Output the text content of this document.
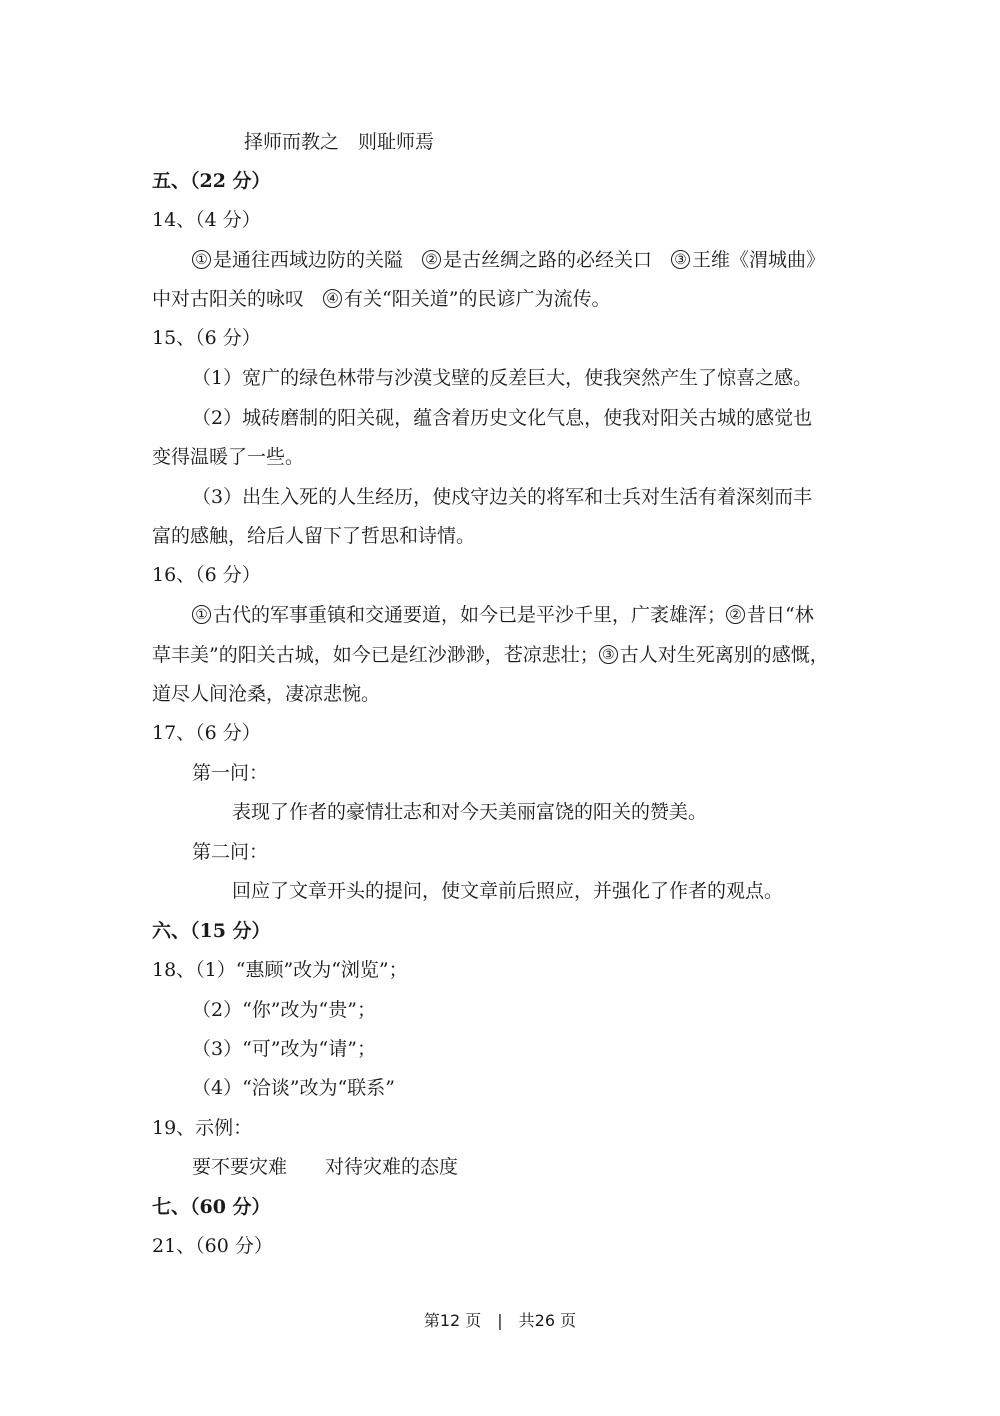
择师而教之　则耻师焉
五、（22 分）
14、（4 分）
① 是通往西域边防的关隘　② 是古丝绸之路的必经关口　③ 王维《渭城曲》
中对古阳关的咏叹　④ 有关“阳关道”的民谚广为流传。
15、（6 分）
（1）宽广的绿色林带与沙漠戈壁的反差巨大，使我突然产生了惊喜之感。
（2）城砖磨制的阳关砚，蕴含着历史文化气息，使我对阳关古城的感觉也
变得温暖了一些。
（3）出生入死的人生经历，使戍守边关的将军和士兵对生活有着深刻而丰
富的感触，给后人留下了哲思和诗情。
16、（6 分）
① 古代的军事重镇和交通要道，如今已是平沙千里，广袤雄浑； ② 昔日“林
草丰美”的阳关古城，如今已是红沙渺渺，苍凉悲壮； ③ 古人对生死离别的感慨，
道尽人间沧桑，凄凉悲惋。
17、（6 分）
第一问：
表现了作者的豪情壮志和对今天美丽富饶的阳关的赞美。
第二问：
回应了文章开头的提问，使文章前后照应，并强化了作者的观点。
六、（15 分）
18、（1）“惠顾”改为“浏览”；
（2）“你”改为“贵”；
（3）“可”改为“请”；
（4）“洽谈”改为“联系”
19、示例：
要不要灾难　　对待灾难的态度
七、（60 分）
21、（60 分）
第12 页　|　共26 页
